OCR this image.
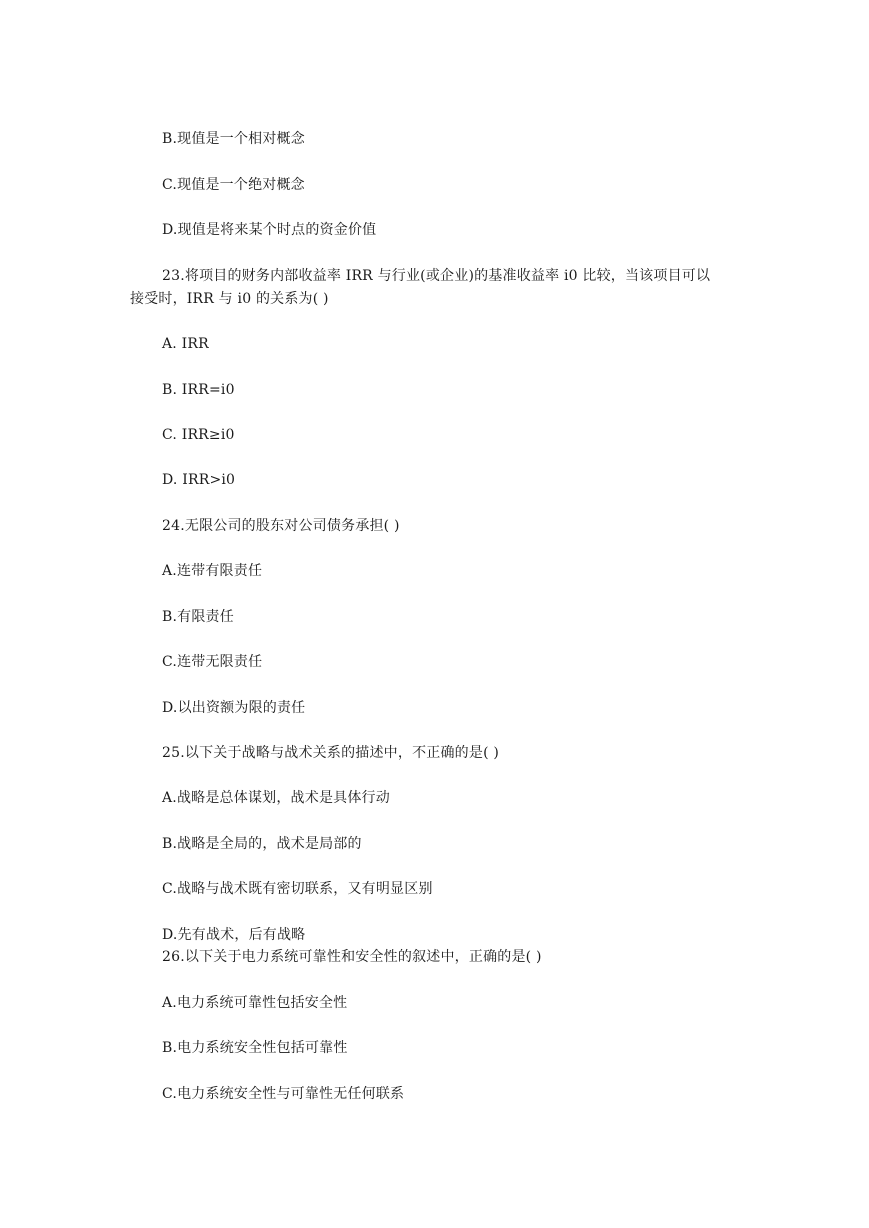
B.现值是一个相对概念
C.现值是一个绝对概念
D.现值是将来某个时点的资金价值
23.将项目的财务内部收益率 IRR 与行业(或企业)的基准收益率 i0 比较，当该项目可以
接受时，IRR 与 i0 的关系为( )
A. IRR
B. IRR=i0
C. IRR≥i0
D. IRR>i0
24.无限公司的股东对公司债务承担( )
A.连带有限责任
B.有限责任
C.连带无限责任
D.以出资额为限的责任
25.以下关于战略与战术关系的描述中，不正确的是( )
A.战略是总体谋划，战术是具体行动
B.战略是全局的，战术是局部的
C.战略与战术既有密切联系，又有明显区别
D.先有战术，后有战略
26.以下关于电力系统可靠性和安全性的叙述中，正确的是( )
A.电力系统可靠性包括安全性
B.电力系统安全性包括可靠性
C.电力系统安全性与可靠性无任何联系
